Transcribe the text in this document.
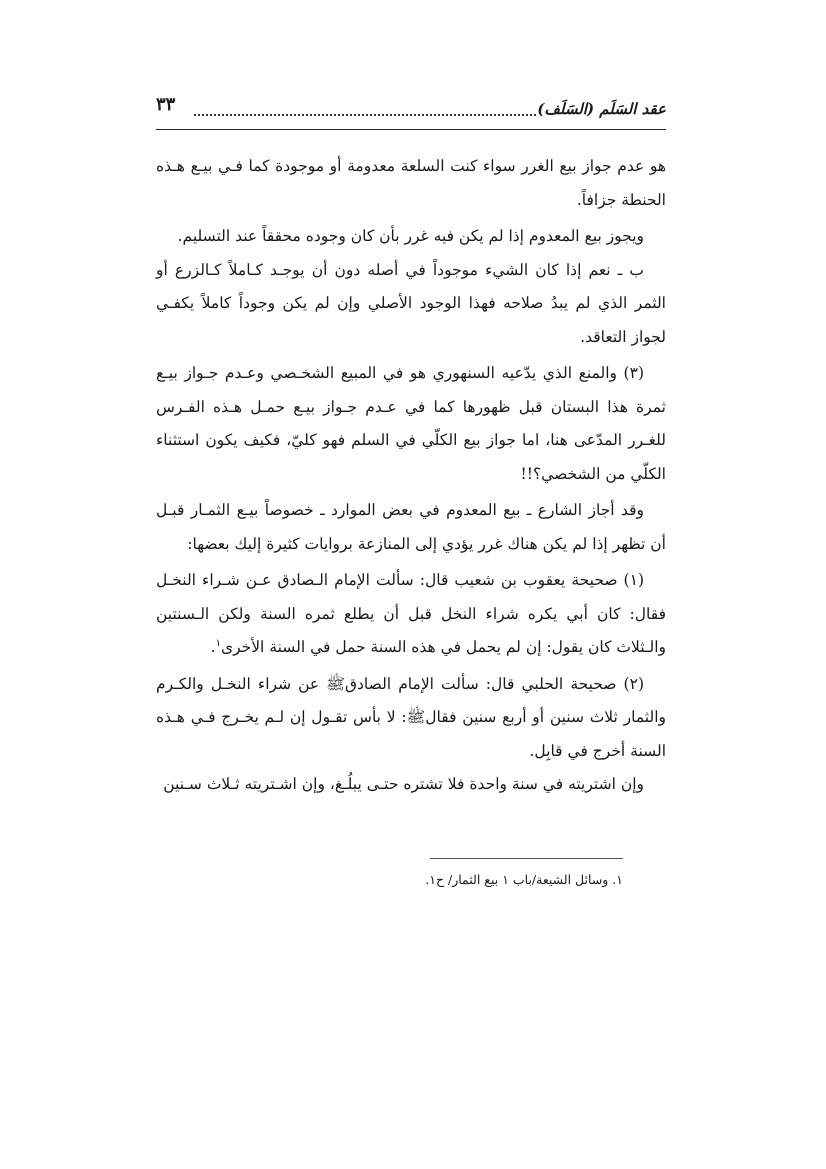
عقد السَلَم (السَلَف)
٣٣

هو عدم جواز بيع الغرر سواء كنت السلعة معدومة أو موجودة كما فـي بيـع هـذه الحنطة جزافاً.

ويجوز بيع المعدوم إذا لم يكن فيه غرر بأن كان وجوده محققاً عند التسليم.

ب ـ نعم إذا كان الشيء موجوداً في أصله دون أن يوجـد كـاملاً كـالزرع أو الثمر الذي لم يبدُ صلاحه فهذا الوجود الأصلي وإن لم يكن وجوداً كاملاً يكفـي لجواز التعاقد.

(٣) والمنع الذي يدّعيه السنهوري هو في المبيع الشخـصي وعـدم جـواز بيـع ثمرة هذا البستان قبل ظهورها كما في عـدم جـواز بيـع حمـل هـذه الفـرس للغـرر المدّعى هنا، اما جواز بيع الكلّي في السلم فهو كليّ، فكيف يكون استثناء الكلّي من الشخصي؟!!

وقد أجاز الشارع ـ بيع المعدوم في بعض الموارد ـ خصوصاً بيـع الثمـار قبـل أن تظهر إذا لم يكن هناك غرر يؤدي إلى المنازعة بروايات كثيرة إليك بعضها:

(١) صحيحة يعقوب بن شعيب قال: سألت الإمام الـصادق عـن شـراء النخـل فقال: كان أبي يكره شراء النخل قبل أن يطلع ثمره السنة ولكن الـسنتين والـثلاث كان يقول: إن لم يحمل في هذه السنة حمل في السنة الأخرى$^١$.

(٢) صحيحة الحلبي قال: سألت الإمام الصادقﷺ عن شراء النخـل والكـرم والثمار ثلاث سنين أو أربع سنين فقالﷺ: لا بأس تقـول إن لـم يخـرج فـي هـذه السنة أخرج في قابِل.

وإن اشتريته في سنة واحدة فلا تشتره حتـى يبلُـغ، وإن اشـتريته ثـلاث سـنين

١. وسائل الشيعة/باب ١ بيع الثمار/ ح١.
